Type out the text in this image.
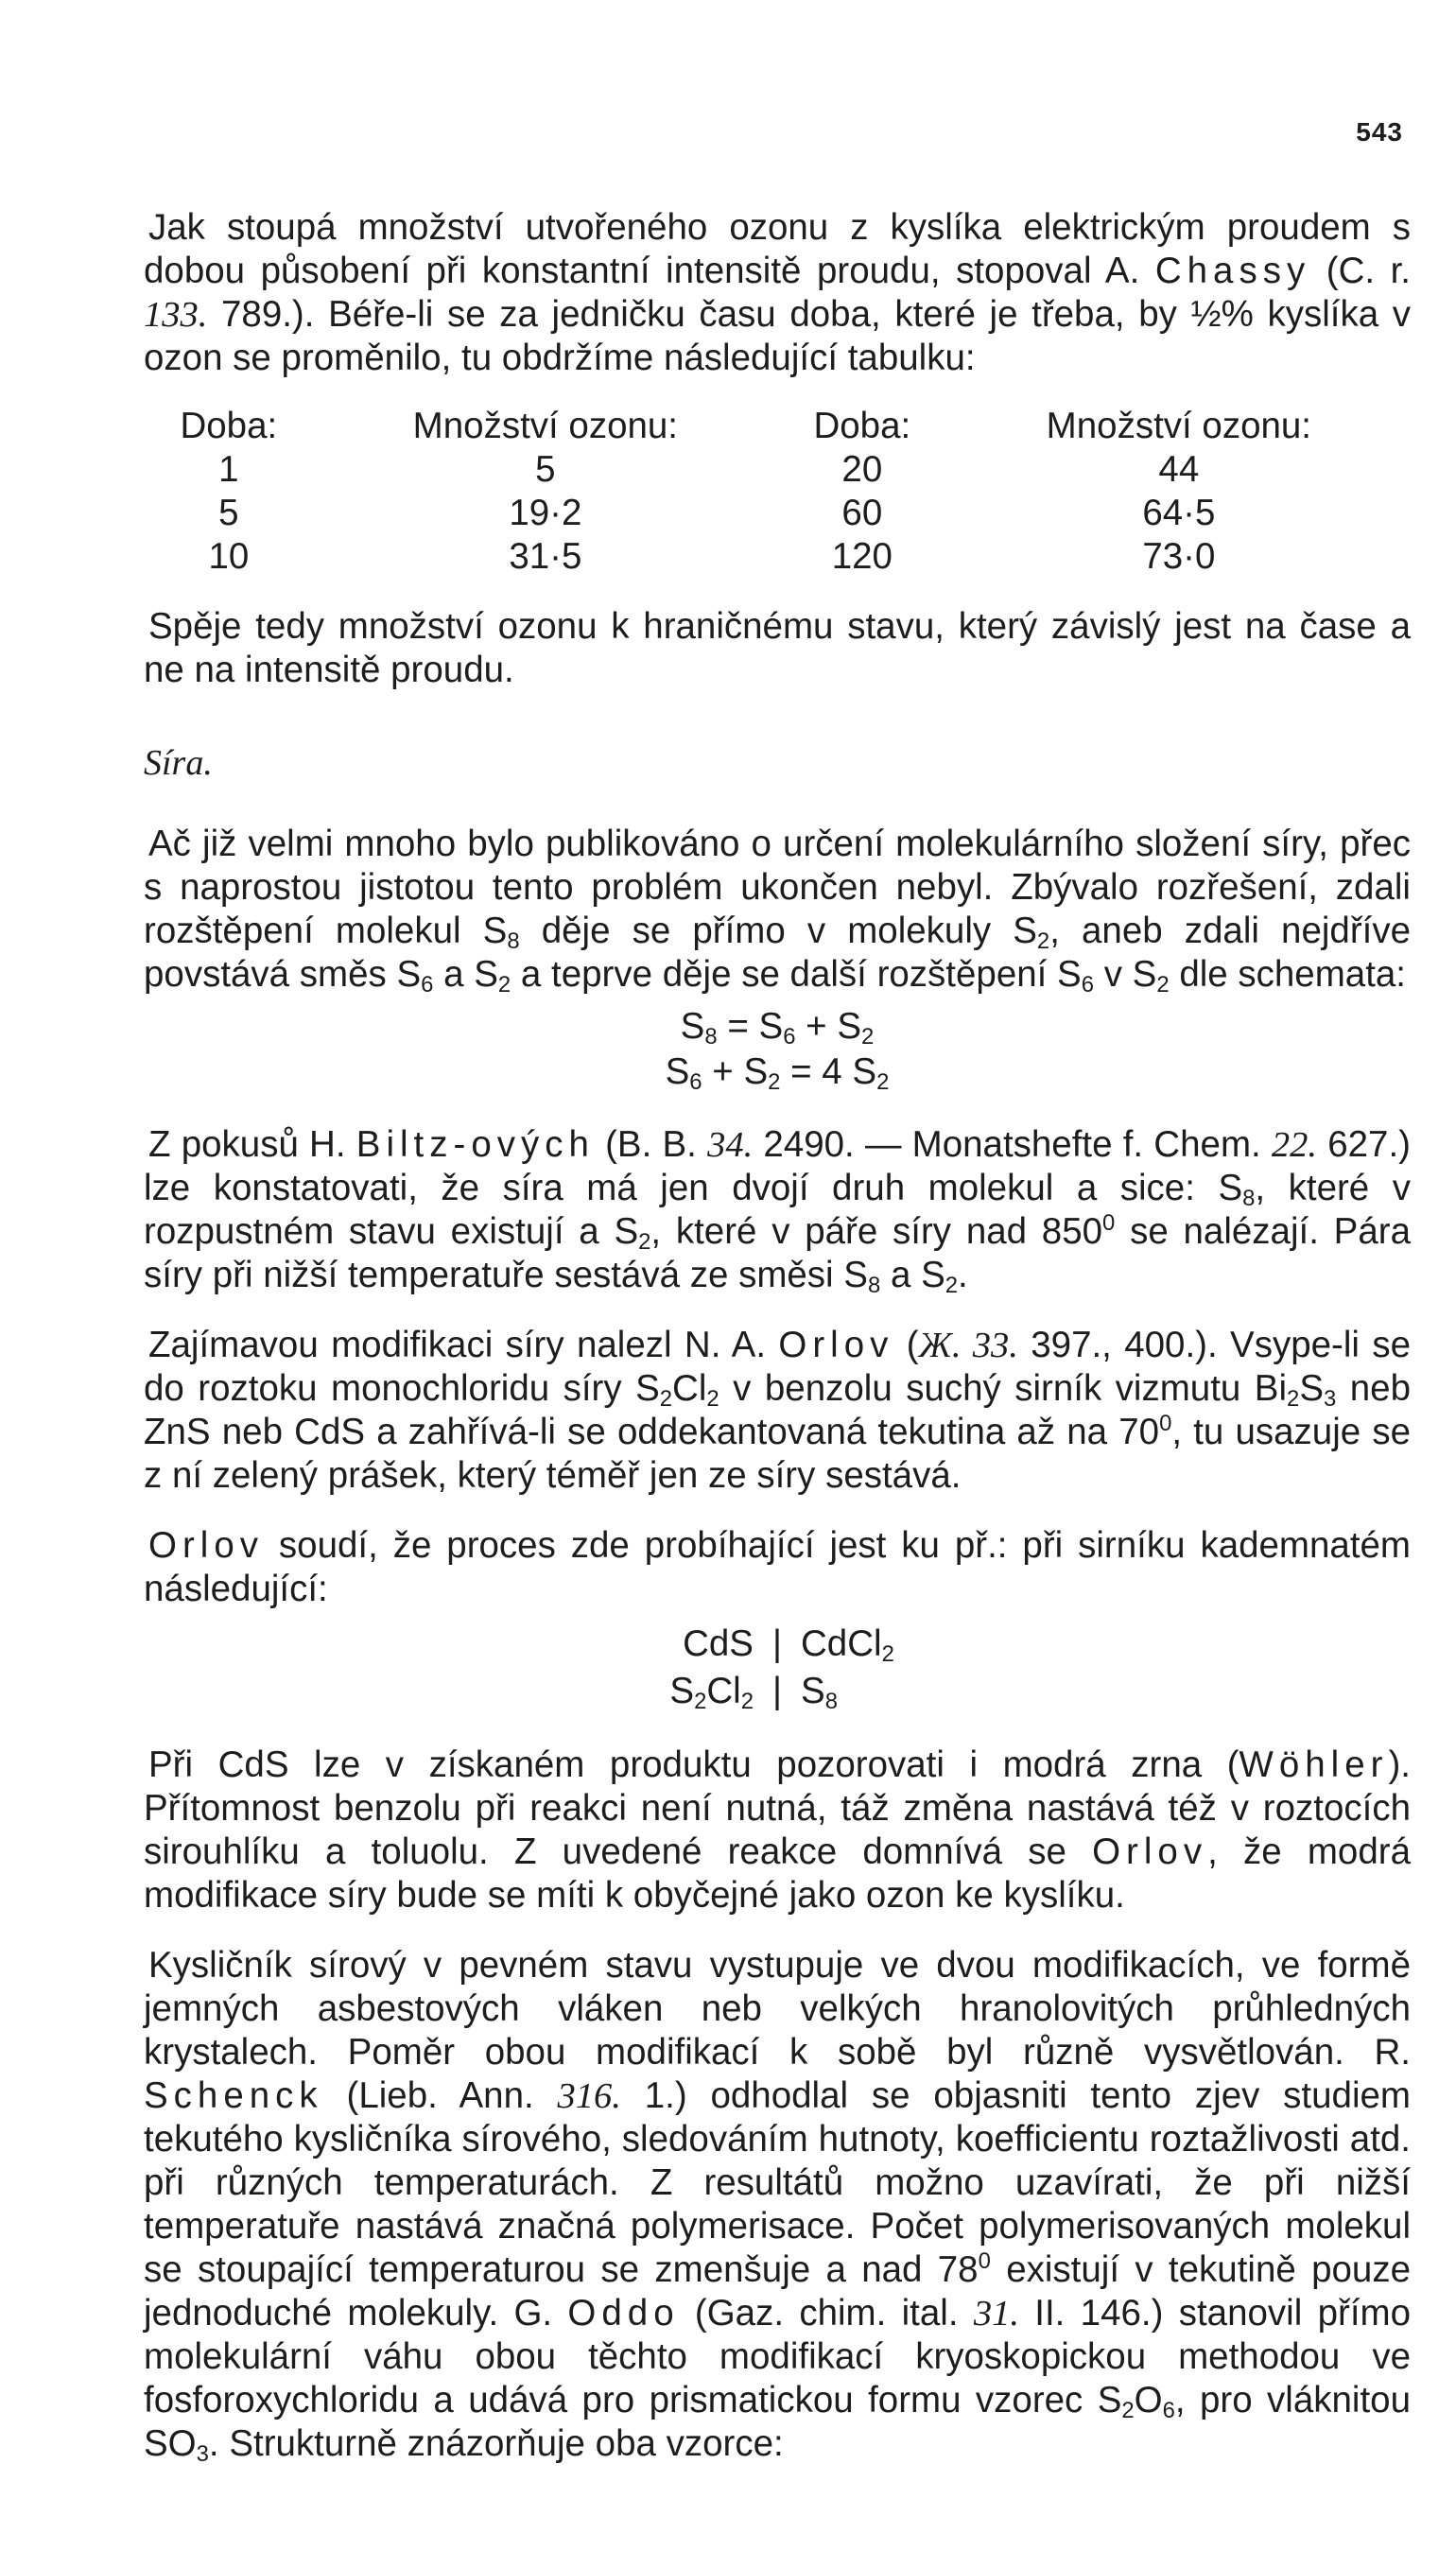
543

Jak stoupá množství utvořeného ozonu z kyslíka elektrickým proudem s dobou působení při konstantní intensitě proudu, stopoval A. Chassy (C. r. 133. 789.). Béře-li se za jedničku času doba, které je třeba, by ½% kyslíka v ozon se proměnilo, tu obdržíme následující tabulku:

Doba:	Množství ozonu:	Doba:	Množství ozonu:
1	5	20	44
5	19·2	60	64·5
10	31·5	120	73·0

Spěje tedy množství ozonu k hraničnému stavu, který závislý jest na čase a ne na intensitě proudu.

Síra.

Ač již velmi mnoho bylo publikováno o určení molekulárního složení síry, přec s naprostou jistotou tento problém ukončen nebyl. Zbývalo rozřešení, zdali rozštěpení molekul $S_8$ děje se přímo v molekuly $S_2$, aneb zdali nejdříve povstává směs $S_6$ a $S_2$ a teprve děje se další rozštěpení $S_6$ v $S_2$ dle schemata:

$S_8 = S_6 + S_2$
$S_6 + S_2 = 4$ $S_2$

Z pokusů H. Biltz-ových (B. B. 34. 2490. — Monatshefte f. Chem. 22. 627.) lze konstatovati, že síra má jen dvojí druh molekul a sice: $S_8$, které v rozpustném stavu existují a $S_2$, které v páře síry nad $850^0$ se nalézají. Pára síry při nižší temperatuře sestává ze směsi $S_8$ a $S_2$.

Zajímavou modifikaci síry nalezl N. A. Orlov (Ж. 33. 397., 400.). Vsype-li se do roztoku monochloridu síry $S_2Cl_2$ v benzolu suchý sirník vizmutu $Bi_2S_3$ neb ZnS neb CdS a zahřívá-li se oddekantovaná tekutina až na $70^0$, tu usazuje se z ní zelený prášek, který téměř jen ze síry sestává.

Orlov soudí, že proces zde probíhající jest ku př.: při sirníku kademnatém následující:

CdS | CdCl$_2$
$S_2Cl_2$ | $S_8$

Při CdS lze v získaném produktu pozorovati i modrá zrna (Wöhler). Přítomnost benzolu při reakci není nutná, táž změna nastává též v roztocích sirouhlíku a toluolu. Z uvedené reakce domnívá se Orlov, že modrá modifikace síry bude se míti k obyčejné jako ozon ke kyslíku.

Kysličník sírový v pevném stavu vystupuje ve dvou modifikacích, ve formě jemných asbestových vláken neb velkých hranolovitých průhledných krystalech. Poměr obou modifikací k sobě byl různě vysvětlován. R. Schenck (Lieb. Ann. 316. 1.) odhodlal se objasniti tento zjev studiem tekutého kysličníka sírového, sledováním hutnoty, koefficientu roztažlivosti atd. při různých temperaturách. Z resultátů možno uzavírati, že při nižší temperatuře nastává značná polymerisace. Počet polymerisovaných molekul se stoupající temperaturou se zmenšuje a nad $78^0$ existují v tekutině pouze jednoduché molekuly. G. Oddo (Gaz. chim. ital. 31. II. 146.) stanovil přímo molekulární váhu obou těchto modifikací kryoskopickou methodou ve fosforoxychloridu a udává pro prismatickou formu vzorec $S_2O_6$, pro vláknitou $SO_3$. Strukturně znázorňuje oba vzorce:
